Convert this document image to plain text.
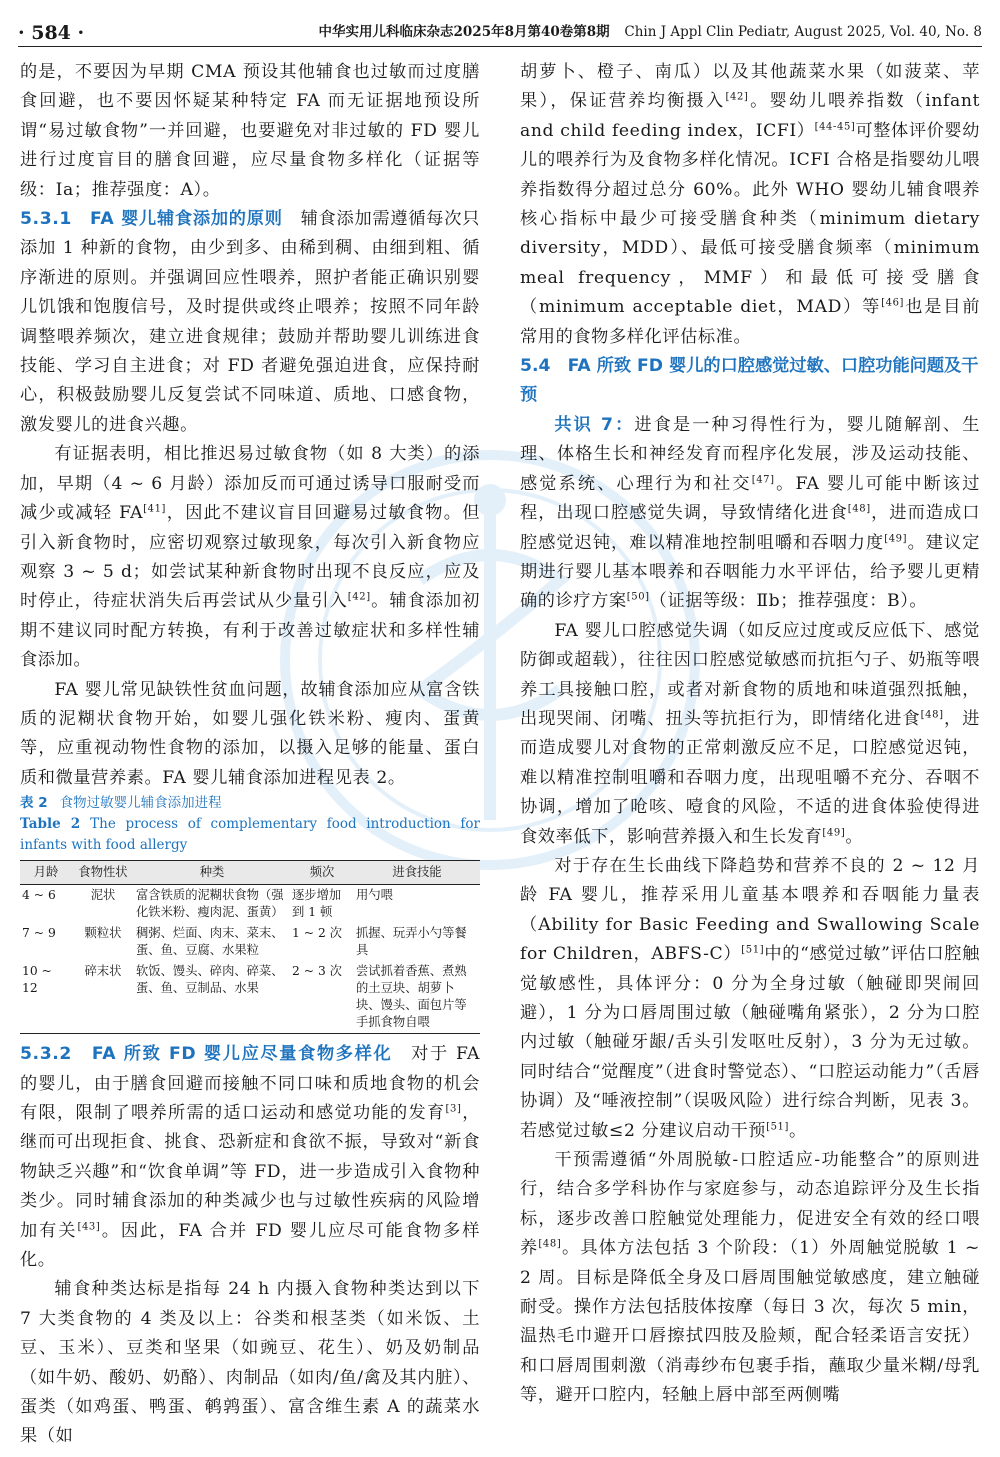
· 584 ·	中华实用儿科临床杂志2025年8月第40卷第8期 Chin J Appl Clin Pediatr, August 2025, Vol. 40, No. 8

的是，不要因为早期 CMA 预设其他辅食也过敏而过度膳食回避，也不要因怀疑某种特定 FA 而无证据地预设所谓“易过敏食物”一并回避，也要避免对非过敏的 FD 婴儿进行过度盲目的膳食回避，应尽量食物多样化（证据等级：Ⅰa；推荐强度：A）。

5.3.1　FA 婴儿辅食添加的原则　 辅食添加需遵循每次只添加 1 种新的食物，由少到多、由稀到稠、由细到粗、循序渐进的原则。并强调回应性喂养，照护者能正确识别婴儿饥饿和饱腹信号，及时提供或终止喂养；按照不同年龄调整喂养频次，建立进食规律；鼓励并帮助婴儿训练进食技能、学习自主进食；对 FD 者避免强迫进食，应保持耐心，积极鼓励婴儿反复尝试不同味道、质地、口感食物，激发婴儿的进食兴趣。

有证据表明，相比推迟易过敏食物（如 8 大类）的添加，早期（4 ~ 6 月龄）添加反而可通过诱导口服耐受而减少或减轻 FA[41]，因此不建议盲目回避易过敏食物。但引入新食物时，应密切观察过敏现象，每次引入新食物应观察 3 ~ 5 d；如尝试某种新食物时出现不良反应，应及时停止，待症状消失后再尝试从少量引入[42]。辅食添加初期不建议同时配方转换，有利于改善过敏症状和多样性辅食添加。

FA 婴儿常见缺铁性贫血问题，故辅食添加应从富含铁质的泥糊状食物开始，如婴儿强化铁米粉、瘦肉、蛋黄等，应重视动物性食物的添加，以摄入足够的能量、蛋白质和微量营养素。FA 婴儿辅食添加进程见表 2。

表 2 食物过敏婴儿辅食添加进程
Table 2 The process of complementary food introduction for infants with food allergy
月龄	食物性状	种类	频次	进食技能
4 ~ 6	泥状	富含铁质的泥糊状食物（强化铁米粉、瘦肉泥、蛋黄）	逐步增加到 1 顿	用勺喂
7 ~ 9	颗粒状	稠粥、烂面、肉末、菜末、蛋、鱼、豆腐、水果粒	1 ~ 2 次	抓握、玩弄小勺等餐具
10 ~ 12	碎末状	软饭、馒头、碎肉、碎菜、蛋、鱼、豆制品、水果	2 ~ 3 次	尝试抓着香蕉、煮熟的土豆块、胡萝卜块、馒头、面包片等手抓食物自喂

5.3.2　FA 所致 FD 婴儿应尽量食物多样化　 对于 FA 的婴儿，由于膳食回避而接触不同口味和质地食物的机会有限，限制了喂养所需的适口运动和感觉功能的发育[3]，继而可出现拒食、挑食、恐新症和食欲不振，导致对“新食物缺乏兴趣”和“饮食单调”等 FD，进一步造成引入食物种类少。同时辅食添加的种类减少也与过敏性疾病的风险增加有关[43]。因此，FA 合并 FD 婴儿应尽可能食物多样化。

辅食种类达标是指每 24 h 内摄入食物种类达到以下 7 大类食物的 4 类及以上：谷类和根茎类（如米饭、土豆、玉米）、豆类和坚果（如豌豆、花生）、奶及奶制品（如牛奶、酸奶、奶酪）、肉制品（如肉/鱼/禽及其内脏）、蛋类（如鸡蛋、鸭蛋、鹌鹑蛋）、富含维生素 A 的蔬菜水果（如

胡萝卜、橙子、南瓜）以及其他蔬菜水果（如菠菜、苹果），保证营养均衡摄入[42]。婴幼儿喂养指数（infant and child feeding index，ICFI）[44-45]可整体评价婴幼儿的喂养行为及食物多样化情况。ICFI 合格是指婴幼儿喂养指数得分超过总分 60%。此外 WHO 婴幼儿辅食喂养核心指标中最少可接受膳食种类（minimum dietary diversity，MDD）、最低可接受膳食频率（minimum meal frequency，MMF）和最低可接受膳食（minimum acceptable diet，MAD）等[46]也是目前常用的食物多样化评估标准。

5.4　FA 所致 FD 婴儿的口腔感觉过敏、口腔功能问题及干预

共识 7：进食是一种习得性行为，婴儿随解剖、生理、体格生长和神经发育而程序化发展，涉及运动技能、感觉系统、心理行为和社交[47]。FA 婴儿可能中断该过程，出现口腔感觉失调，导致情绪化进食[48]，进而造成口腔感觉迟钝，难以精准地控制咀嚼和吞咽力度[49]。建议定期进行婴儿基本喂养和吞咽能力水平评估，给予婴儿更精确的诊疗方案[50]（证据等级：Ⅱb；推荐强度：B）。

FA 婴儿口腔感觉失调（如反应过度或反应低下、感觉防御或超载），往往因口腔感觉敏感而抗拒勺子、奶瓶等喂养工具接触口腔，或者对新食物的质地和味道强烈抵触，出现哭闹、闭嘴、扭头等抗拒行为，即情绪化进食[48]，进而造成婴儿对食物的正常刺激反应不足，口腔感觉迟钝，难以精准控制咀嚼和吞咽力度，出现咀嚼不充分、吞咽不协调，增加了呛咳、噎食的风险，不适的进食体验使得进食效率低下，影响营养摄入和生长发育[49]。

对于存在生长曲线下降趋势和营养不良的 2 ~ 12 月龄 FA 婴儿，推荐采用儿童基本喂养和吞咽能力量表（Ability for Basic Feeding and Swallowing Scale for Children，ABFS-C）[51]中的“感觉过敏”评估口腔触觉敏感性，具体评分：0 分为全身过敏（触碰即哭闹回避），1 分为口唇周围过敏（触碰嘴角紧张），2 分为口腔内过敏（触碰牙龈/舌头引发呕吐反射），3 分为无过敏。同时结合“觉醒度”（进食时警觉态）、“口腔运动能力”（舌唇协调）及“唾液控制”（误吸风险）进行综合判断，见表 3。若感觉过敏≤2 分建议启动干预[51]。

干预需遵循“外周脱敏-口腔适应-功能整合”的原则进行，结合多学科协作与家庭参与，动态追踪评分及生长指标，逐步改善口腔触觉处理能力，促进安全有效的经口喂养[48]。具体方法包括 3 个阶段：（1）外周触觉脱敏 1 ~ 2 周。目标是降低全身及口唇周围触觉敏感度，建立触碰耐受。操作方法包括肢体按摩（每日 3 次，每次 5 min，温热毛巾避开口唇擦拭四肢及脸颊，配合轻柔语言安抚）和口唇周围刺激（消毒纱布包裹手指，蘸取少量米糊/母乳等，避开口腔内，轻触上唇中部至两侧嘴
